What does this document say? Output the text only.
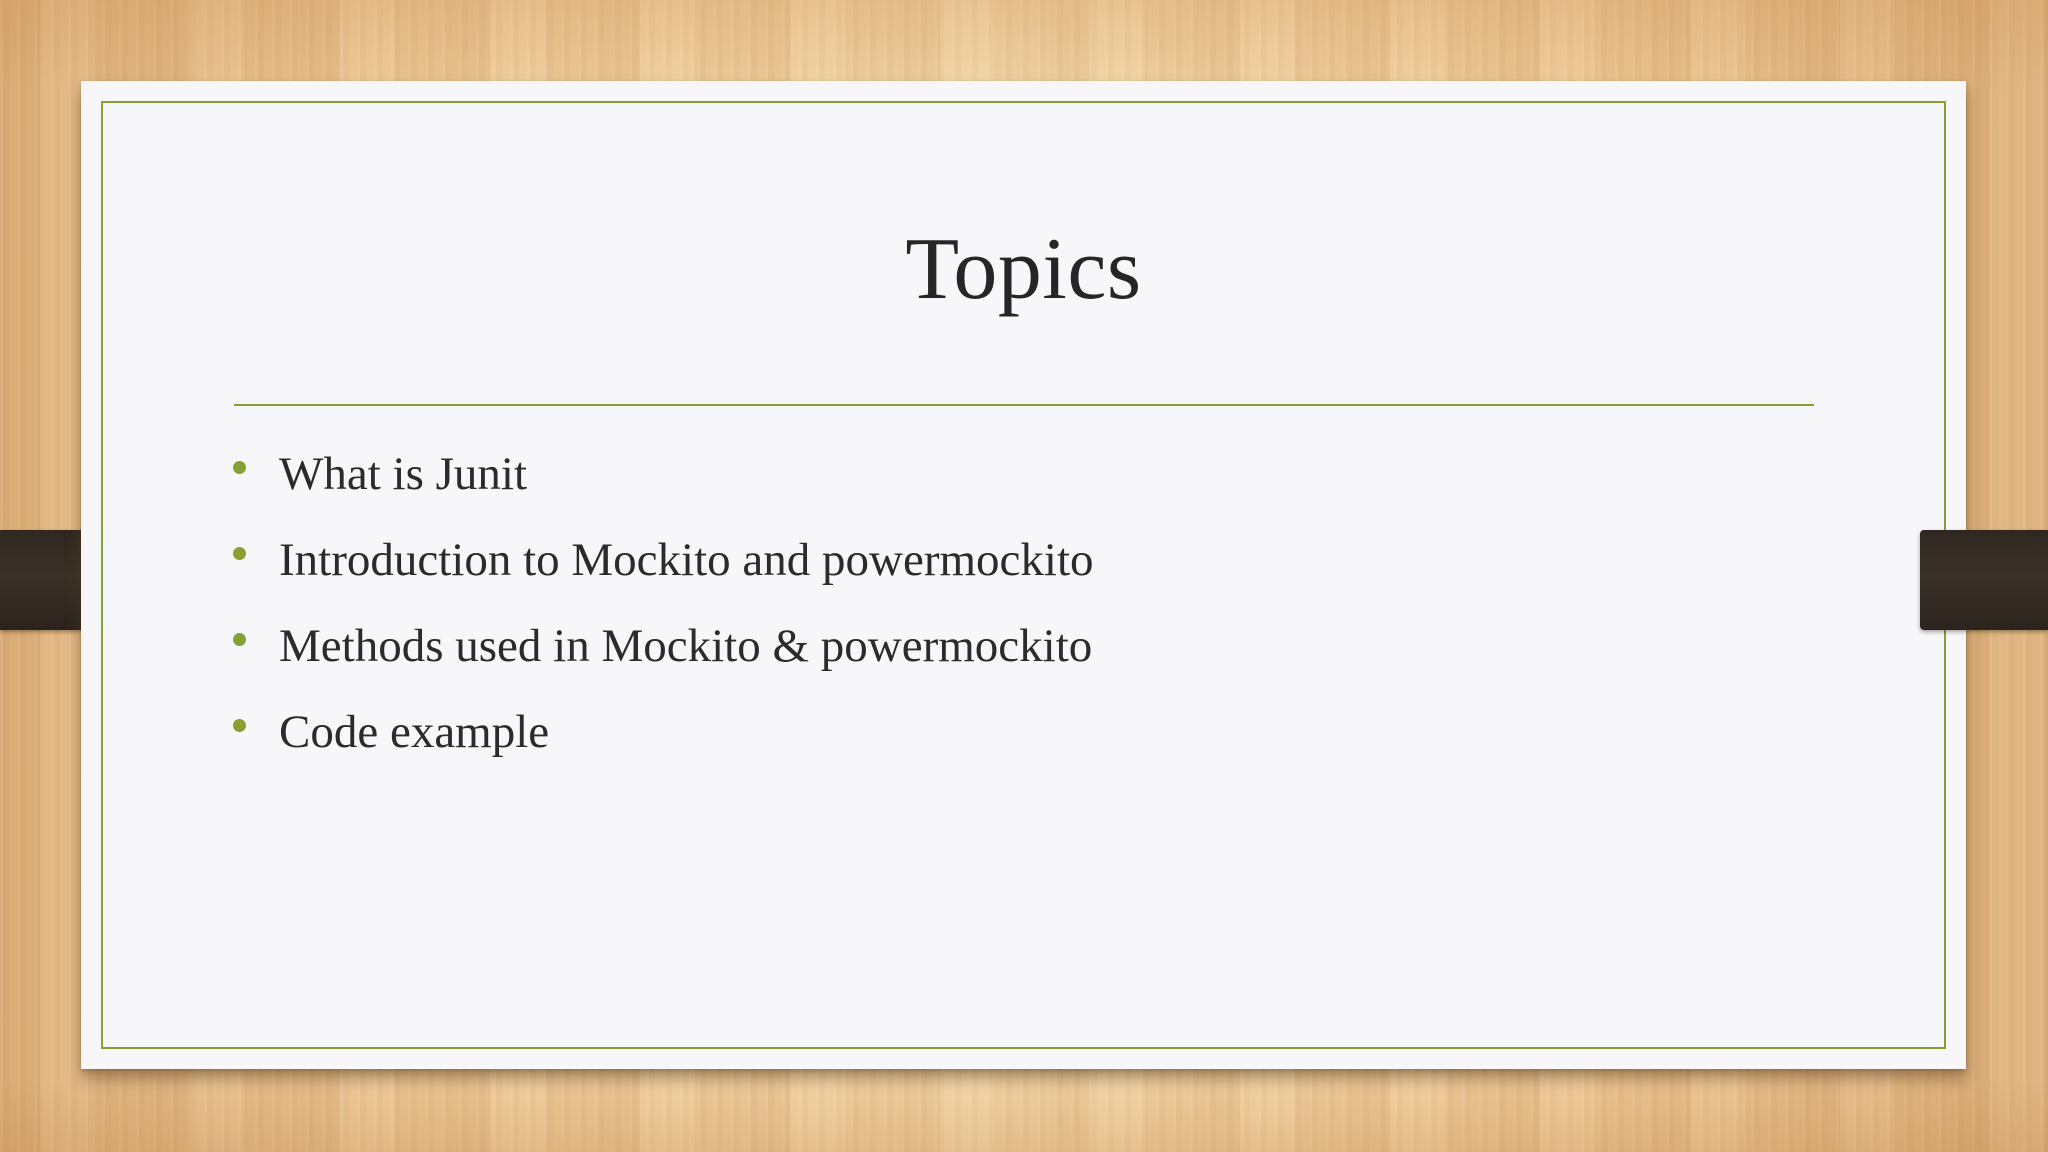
Topics
What is Junit
Introduction to Mockito and powermockito
Methods used in Mockito & powermockito
Code example
